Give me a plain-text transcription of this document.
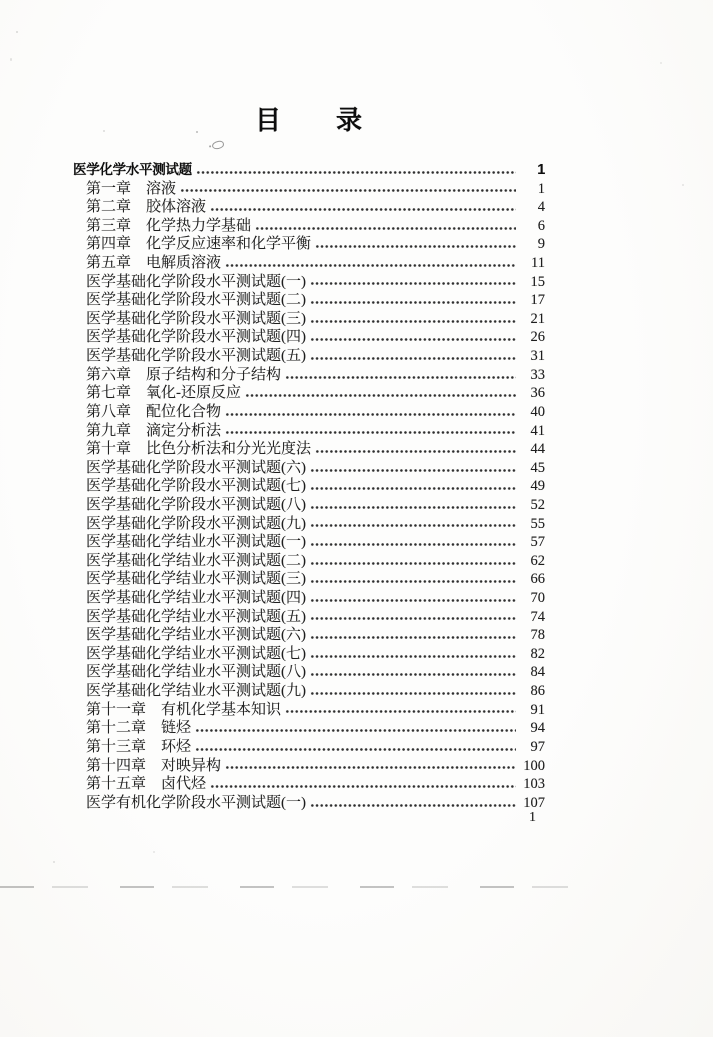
目　　录
医学化学水平测试题	1
第一章　溶液	1
第二章　胶体溶液	4
第三章　化学热力学基础	6
第四章　化学反应速率和化学平衡	9
第五章　电解质溶液	11
医学基础化学阶段水平测试题(一)	15
医学基础化学阶段水平测试题(二)	17
医学基础化学阶段水平测试题(三)	21
医学基础化学阶段水平测试题(四)	26
医学基础化学阶段水平测试题(五)	31
第六章　原子结构和分子结构	33
第七章　氧化-还原反应	36
第八章　配位化合物	40
第九章　滴定分析法	41
第十章　比色分析法和分光光度法	44
医学基础化学阶段水平测试题(六)	45
医学基础化学阶段水平测试题(七)	49
医学基础化学阶段水平测试题(八)	52
医学基础化学阶段水平测试题(九)	55
医学基础化学结业水平测试题(一)	57
医学基础化学结业水平测试题(二)	62
医学基础化学结业水平测试题(三)	66
医学基础化学结业水平测试题(四)	70
医学基础化学结业水平测试题(五)	74
医学基础化学结业水平测试题(六)	78
医学基础化学结业水平测试题(七)	82
医学基础化学结业水平测试题(八)	84
医学基础化学结业水平测试题(九)	86
第十一章　有机化学基本知识	91
第十二章　链烃	94
第十三章　环烃	97
第十四章　对映异构	100
第十五章　卤代烃	103
医学有机化学阶段水平测试题(一)	107
1
